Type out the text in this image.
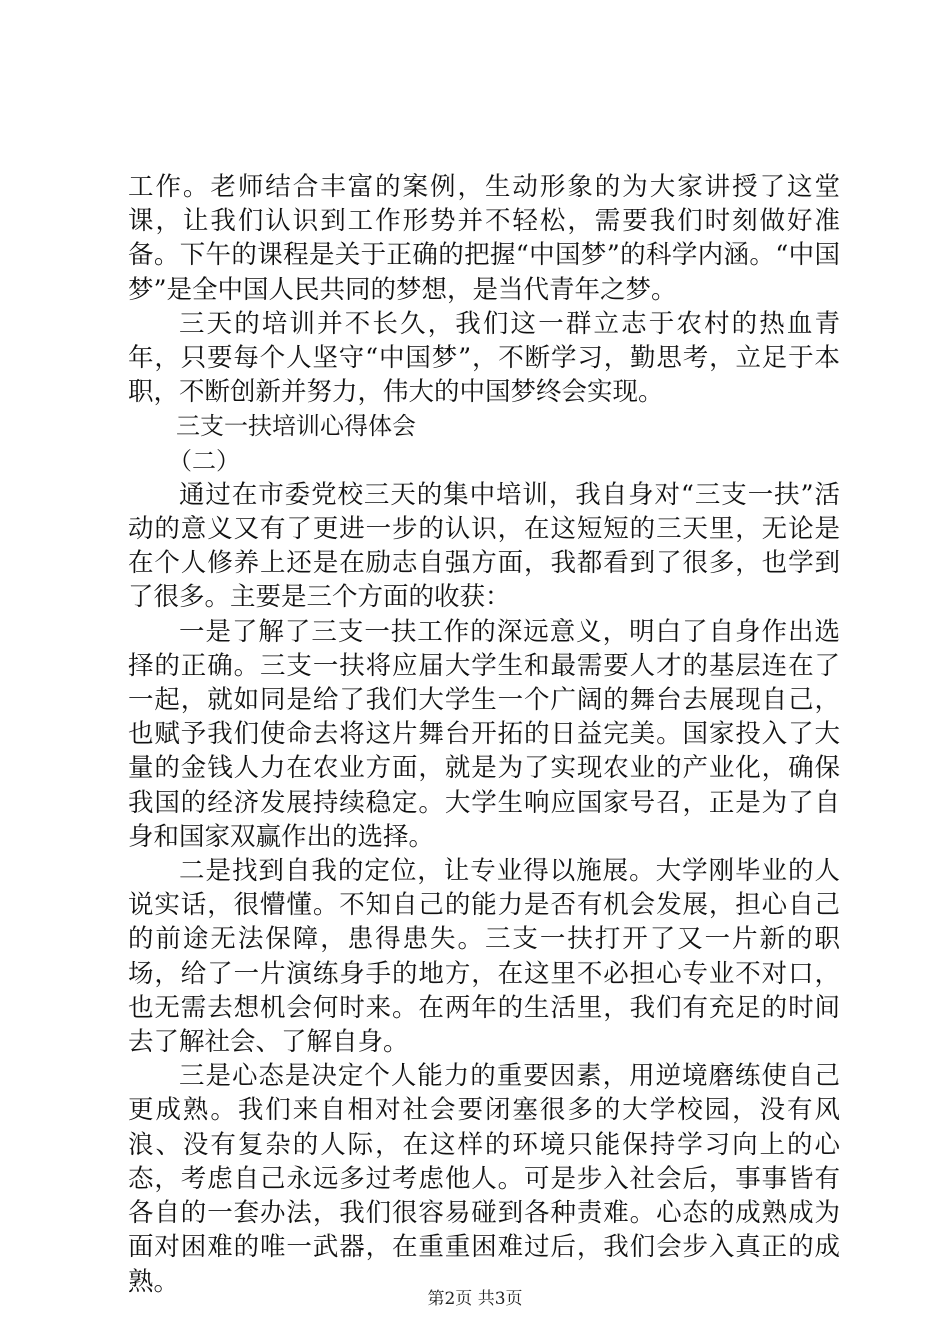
工作。老师结合丰富的案例，生动形象的为大家讲授了这堂课，让我们认识到工作形势并不轻松，需要我们时刻做好准备。下午的课程是关于正确的把握“中国梦”的科学内涵。“中国梦”是全中国人民共同的梦想，是当代青年之梦。

三天的培训并不长久，我们这一群立志于农村的热血青年，只要每个人坚守“中国梦”，不断学习，勤思考，立足于本职，不断创新并努力，伟大的中国梦终会实现。

三支一扶培训心得体会

（二）

通过在市委党校三天的集中培训，我自身对“三支一扶”活动的意义又有了更进一步的认识，在这短短的三天里，无论是在个人修养上还是在励志自强方面，我都看到了很多，也学到了很多。主要是三个方面的收获：

一是了解了三支一扶工作的深远意义，明白了自身作出选择的正确。三支一扶将应届大学生和最需要人才的基层连在了一起，就如同是给了我们大学生一个广阔的舞台去展现自己，也赋予我们使命去将这片舞台开拓的日益完美。国家投入了大量的金钱人力在农业方面，就是为了实现农业的产业化，确保我国的经济发展持续稳定。大学生响应国家号召，正是为了自身和国家双赢作出的选择。

二是找到自我的定位，让专业得以施展。大学刚毕业的人说实话，很懵懂。不知自己的能力是否有机会发展，担心自己的前途无法保障，患得患失。三支一扶打开了又一片新的职场，给了一片演练身手的地方，在这里不必担心专业不对口，也无需去想机会何时来。在两年的生活里，我们有充足的时间去了解社会、了解自身。

三是心态是决定个人能力的重要因素，用逆境磨练使自己更成熟。我们来自相对社会要闭塞很多的大学校园，没有风浪、没有复杂的人际，在这样的环境只能保持学习向上的心态，考虑自己永远多过考虑他人。可是步入社会后，事事皆有各自的一套办法，我们很容易碰到各种责难。心态的成熟成为面对困难的唯一武器，在重重困难过后，我们会步入真正的成熟。

第2页 共3页
